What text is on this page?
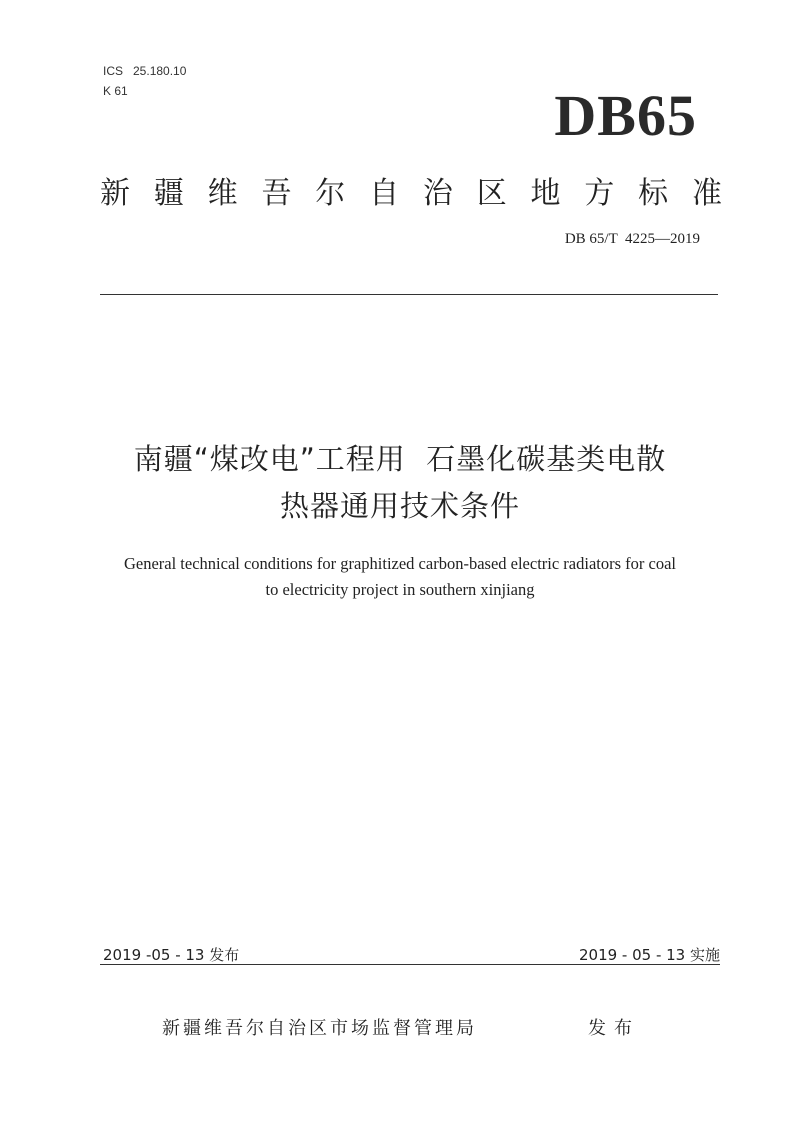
ICS   25.180.10
K 61	DB65
新 疆 维 吾 尔 自 治 区 地 方 标 准
DB 65/T  4225—2019
南疆“煤改电”工程用  石墨化碳基类电散
热器通用技术条件
General technical conditions for graphitized carbon-based electric radiators for coal
to electricity project in southern xinjiang
2019 -05 - 13 发布	2019 - 05 - 13 实施
新疆维吾尔自治区市场监督管理局	发布
